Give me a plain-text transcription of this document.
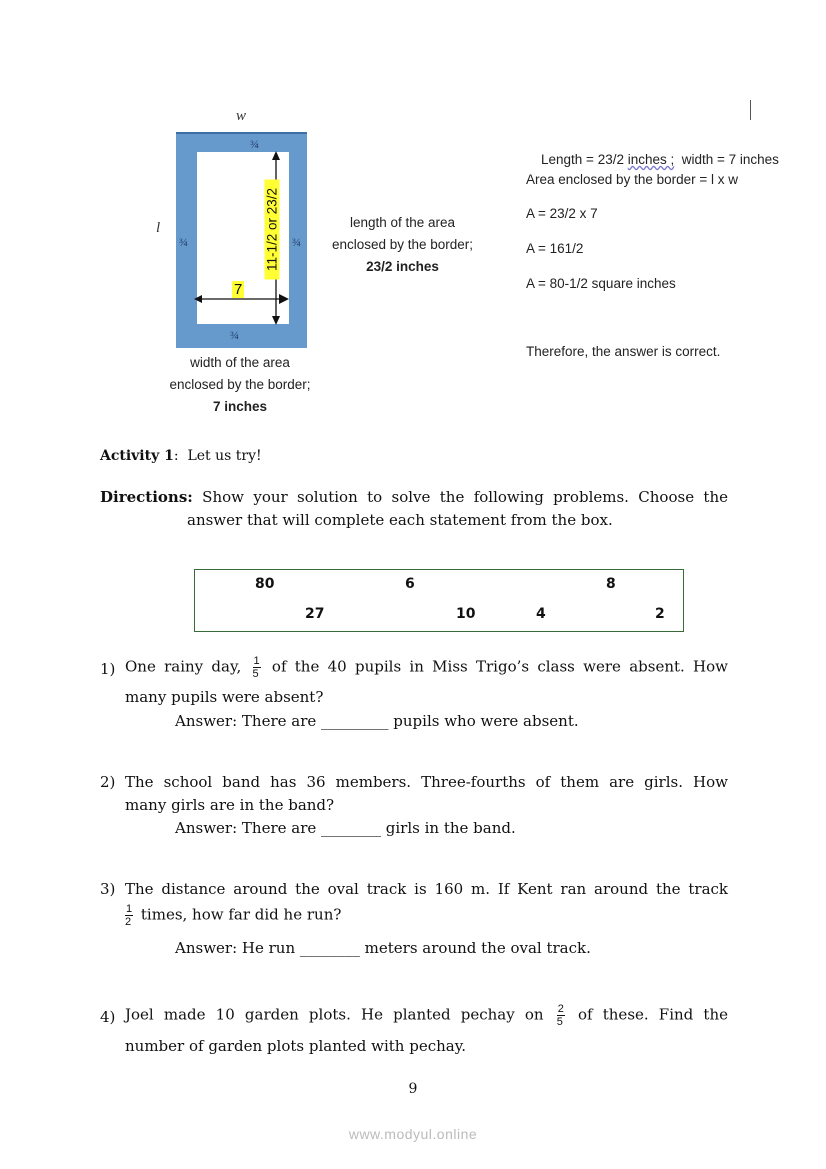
w
l
¾
¾	¾
¾
11-1/2 or 23/2
7
length of the area
enclosed by the border;
23/2 inches
width of the area
enclosed by the border;
7 inches

Length = 23/2 inches ;  width = 7 inches

Area enclosed by the border = l x w
A = 23/2 x 7
A = 161/2
A = 80-1/2 square inches
Therefore, the answer is correct.
Activity 1:  Let us try!
Directions: Show your solution to solve the following problems. Choose the
answer that will complete each statement from the box.
80	6	8
27	10	4	2
1) One rainy day, $\frac{1}{5}$ of the 40 pupils in Miss Trigo’s class were absent. How
many pupils were absent?
Answer: There are _________ pupils who were absent.
2) The school band has 36 members. Three-fourths of them are girls. How
many girls are in the band?
Answer: There are ________ girls in the band.
3) The distance around the oval track is 160 m. If Kent ran around the track
$\frac{1}{2}$ times, how far did he run?
Answer: He run ________ meters around the oval track.
4) Joel made 10 garden plots. He planted pechay on $\frac{2}{5}$ of these. Find the
number of garden plots planted with pechay.
9
www.modyul.online
